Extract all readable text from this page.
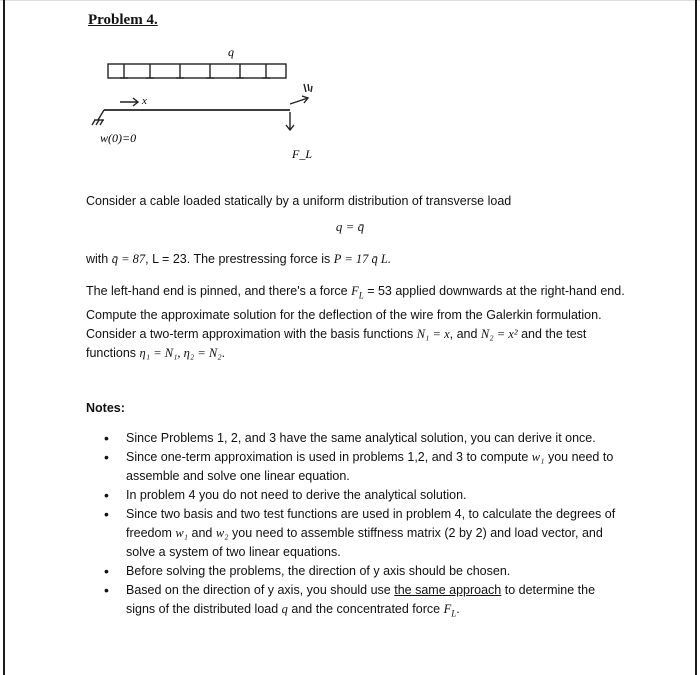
Problem 4.
q
x
w(0)=0
F_L
Consider a cable loaded statically by a uniform distribution of transverse load
q = q̄
with q̄ = 87, L = 23. The prestressing force is P = 17 q̄ L.
The left-hand end is pinned, and there's a force $F_L = 53$ applied downwards at the right-hand end. Compute the approximate solution for the deflection of the wire from the Galerkin formulation. Consider a two-term approximation with the basis functions N₁ = x, and N₂ = x² and the test functions η₁ = N₁, η₂ = N₂.
Notes:
• Since Problems 1, 2, and 3 have the same analytical solution, you can derive it once.
• Since one-term approximation is used in problems 1,2, and 3 to compute w₁ you need to assemble and solve one linear equation.
• In problem 4 you do not need to derive the analytical solution.
• Since two basis and two test functions are used in problem 4, to calculate the degrees of freedom w₁ and w₂ you need to assemble stiffness matrix (2 by 2) and load vector, and solve a system of two linear equations.
• Before solving the problems, the direction of y axis should be chosen.
• Based on the direction of y axis, you should use the same approach to determine the signs of the distributed load q and the concentrated force $F_L$.
